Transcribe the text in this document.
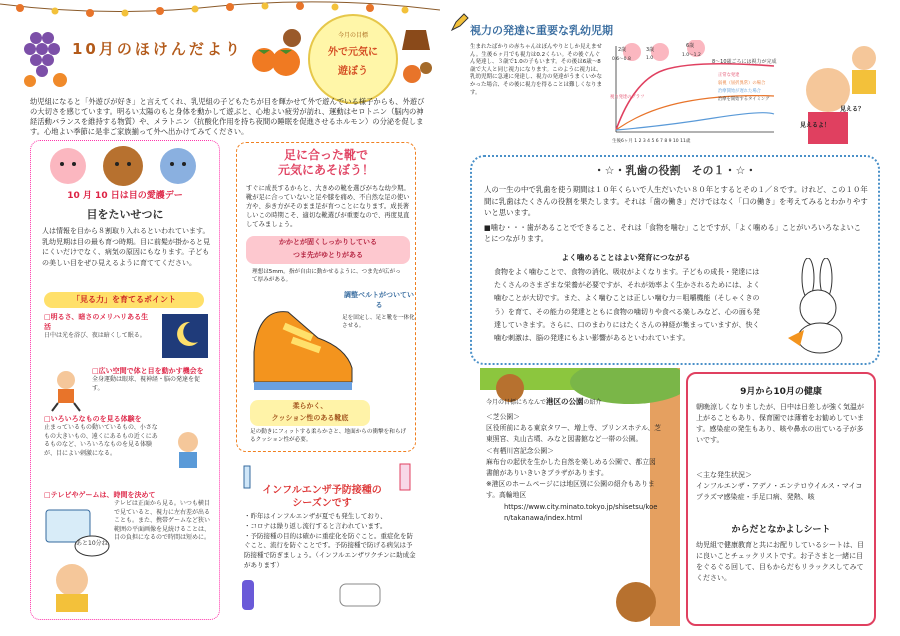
10月のほけんだより
今月の目標
外で元気に
遊ぼう
幼児組になると「外遊びが好き」と言えてくれ、乳児組の子どもたちが目を輝かせて外で遊んでいる様子からも、外遊びの大切さを感じています。明るい太陽のもと身体を動かして遊ぶと、心地よい疲労が訪れ、運動はセロトニン（脳内の神経活動バランスを維持する物質）や、メラトニン（抗酸化作用を持ち夜間の睡眠を促進させるホルモン）の分泌を促します。心地よい季節に是非ご家族揃って外へ出かけてみてください。
10 月 10 日は目の愛護デー
目をたいせつに
人は情報を目から８割取り入れるといわれています。乳幼児期は目の最も育つ時期。目に前髪が掛かると見にくいだけでなく、病気の原因にもなります。子どもの美しい目をぜひ見えるように育ててください。
「見る力」を育てるポイント
□明るさ、暗さのメリハリある生活
日中は光を浴び、夜は暗くして眠る。
□広い空間で体と目を動かす機会を
全身運動は眼球、視神経・脳の発達を促す。
□いろいろなものを見る体験を
止まっているもの動いているもの、小さなもの大きいもの、遠くにあるもの近くにあるものなど、いろいろなものを見る体験が、目によい刺激になる。
□テレビやゲームは、時間を決めて
テレビは正面から見る。いつも横目で見ていると、視力に左右差が出ることも。また、携帯ゲームなど狭い範囲の平面画像を見続けることは、目の負担になるので時間は短めに。
あと10分ね
足に合った靴で
元気にあそぼう！
すぐに成長するからと、大きめの靴を選びがちな幼少期。靴が足に合っていないと足や膝を痛め、不自然な足の使い方や、歩き方がそのまま足が育つことになります。成長著しいこの時期こそ、適切な靴選びが重要なので、再度見直してみましょう。
かかとが固くしっかりしている
つま先がゆとりがある
理想は5mm。指が自由に動かせるように、つま先が広がって厚みがある。
調整ベルトがついている
足を固定し、足と靴を一体化させる。
柔らかく、
クッション性のある靴底
足の動きにフィットする柔らかさと、地面からの衝撃を和らげるクッション性が必要。
インフルエンザ予防接種の
シーズンです
・昨年はインフルエンザが夏でも発生しており、
・コロナは繰り返し流行すると言われています。
・予防接種の目的は確かに重症化を防ぐこと。重症化を防ぐこと、流行を防ぐことです。予防接種で防げる病気は予防接種で防ぎましょう。（インフルエンザワクチンに助成金があります）
視力の発達に重要な乳幼児期
生まれたばかりの赤ちゃんはぼんやりとしか見えません。生後６ヶ月でも視力は0.2くらい。その後ぐんぐん発達し、３歳で1.0の子もいます。その後は6歳〜8歳で大人と同じ視力になります。このように視力は、乳幼児期に急速に発達し、視力の発達がうまくいかなかった場合、その後に視力を得ることは難しくなります。
2歳	3歳
6歳
0.6～0.8	1.0
1.0～1.2
8～10歳ごろには視力が完成
視力発達のグラフ
生後6ヶ月 1 2 3 4 5 6 7 8 9 10 11歳
正常な発達
弱視（屈折異常）の場合
治療開始が遅れた場合
治療を開始するタイミング
見える？
見えるよ！
・☆・乳歯の役割　その１・☆・
人の一生の中で乳歯を使う期間は１０年くらいで人生だいたい８０年とするとその１／８です。けれど、この１０年間に乳歯はたくさんの役割を果たします。それは「歯の働き」だけではなく「口の働き」を考えてみるとわかりやすいと思います。
■噛む・・・歯があることでできること、それは「食物を噛む」ことですが、「よく噛める」ことがいろいろなよいことにつながります。
よく噛めることはよい発育につながる
食物をよく噛むことで、食物の消化、吸収がよくなります。子どもの成長・発達にはたくさんのさまざまな栄養が必要ですが、それが効率よく生かされるためには、よく噛むことが大切です。また、よく噛むことは正しい噛む力＝咀嚼機能（そしゃくきのう）を育て、その能力の発達とともに食物の噛切りや食べる楽しみなど、心の面も発達していきます。さらに、口のまわりにはたくさんの神経が集まっていますが、快く噛む刺激は、脳の発達にもよい影響があるといわれています。
今月の目標にちなんで港区の公園の紹介
＜芝公園＞
区役所前にある東京タワー、増上寺、プリンスホテル、芝東照宮、丸山古墳、みなと図書館など一帯の公園。
＜有栖川宮記念公園＞
麻布台の起伏を生かした自然を楽しめる公園で、都立図書館がありいきいきプラザがあります。
※港区のホームページには地区別に公園の紹介もあります。高輪地区
https://www.city.minato.tokyo.jp/shisetsu/koen/takanawa/index.html
9月から10月の健康
朝晩涼しくなりましたが、日中は日差しが強く気温が上がることもあり、保育園では薄着をお勧めしています。感染症の発生もあり、咳や鼻水の出ている子が多いです。
＜主な発生状況＞
インフルエンザ・アデノ・エンテロウイルス・マイコプラズマ感染症・手足口病、発熱、咳
からだとなかよしシート
幼児組で健康教育と共にお配りしているシートは、目に良いことチェックリストです。お子さまと一緒に目をぐるぐる回して、目もからだもリラックスしてみてください。
